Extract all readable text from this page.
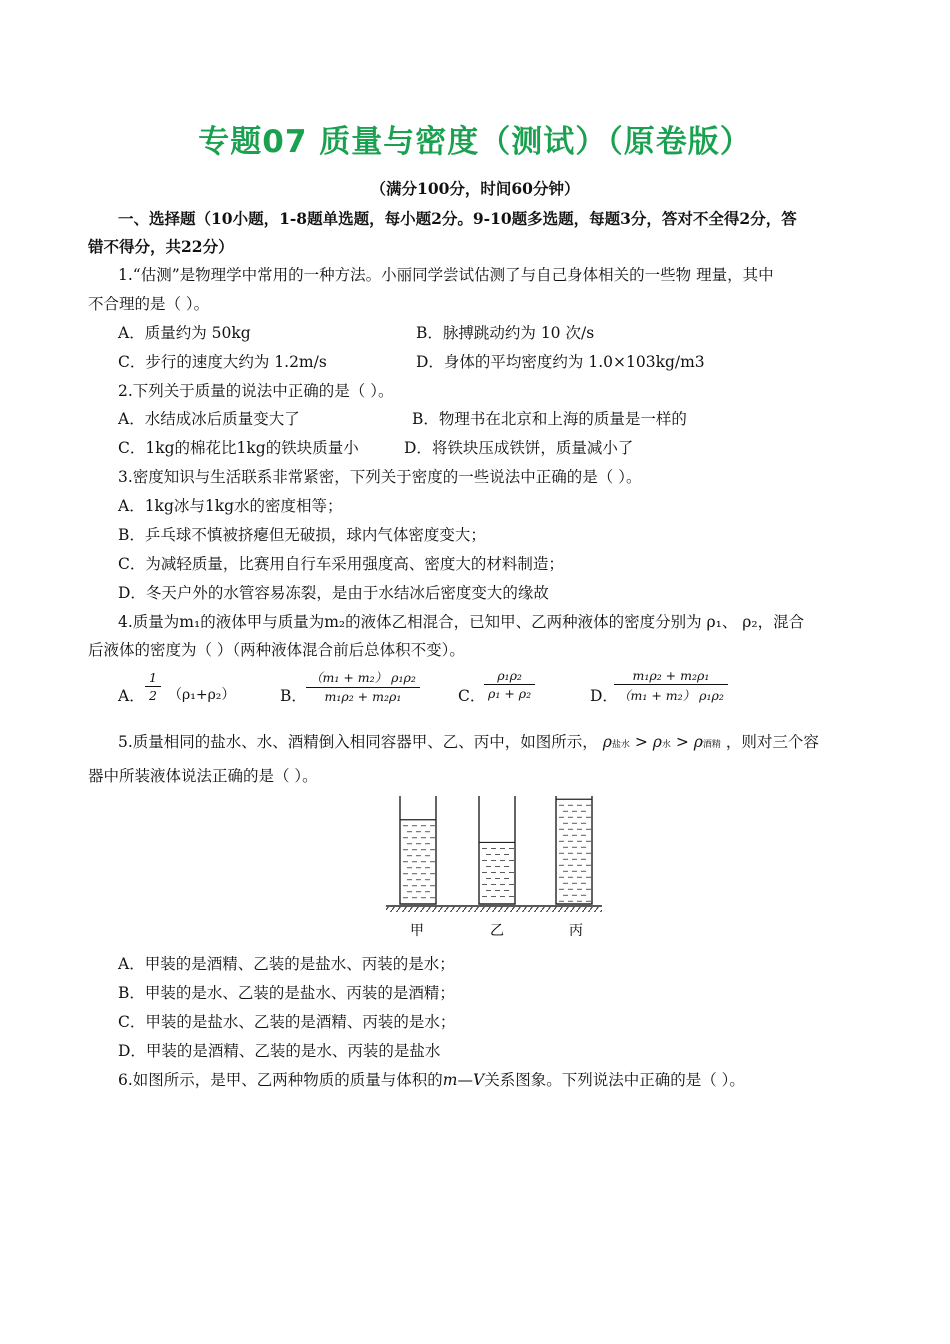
专题07 质量与密度（测试）（原卷版）
（满分100分，时间60分钟）
一、选择题（10小题，1-8题单选题，每小题2分。9-10题多选题，每题3分，答对不全得2分，答
错不得分，共22分）
1.“估测”是物理学中常用的一种方法。小丽同学尝试估测了与自己身体相关的一些物 理量，其中
不合理的是（ ）。
A．质量约为 50kg	B．脉搏跳动约为 10 次/s
C．步行的速度大约为 1.2m/s	D．身体的平均密度约为 1.0×103kg/m3
2.下列关于质量的说法中正确的是（ ）。
A．水结成冰后质量变大了	B．物理书在北京和上海的质量是一样的
C．1kg的棉花比1kg的铁块质量小	D．将铁块压成铁饼，质量减小了
3.密度知识与生活联系非常紧密，下列关于密度的一些说法中正确的是（ ）。
A．1kg冰与1kg水的密度相等；
B．乒乓球不慎被挤瘪但无破损，球内气体密度变大；
C．为减轻质量，比赛用自行车采用强度高、密度大的材料制造；
D．冬天户外的水管容易冻裂，是由于水结冰后密度变大的缘故
4.质量为m₁的液体甲与质量为m₂的液体乙相混合，已知甲、乙两种液体的密度分别为 ρ₁、 ρ₂，混合
后液体的密度为（ ）（两种液体混合前后总体积不变）。
A． $\frac{1}{2} (\rho_1+\rho_2)$	B． $\frac{\text{（m₁ + m₂） ρ₁ρ₂}}{\text{m₁ρ₂ + m₂ρ₁}}$ C．
$\frac{\text{ρ₁ρ₂}}{\text{ρ₁ + ρ₂}}$	D．
$\frac{\text{m₁ρ₂ + m₂ρ₁}}{\text{（m₁ + m₂） ρ₁ρ₂}}$
5.质量相同的盐水、水、酒精倒入相同容器甲、乙、丙中，如图所示， ρ盐水 > ρ水 > ρ酒精 ，则对三个容
器中所装液体说法正确的是（ ）。
甲	乙	丙
A．甲装的是酒精、乙装的是盐水、丙装的是水；
B．甲装的是水、乙装的是盐水、丙装的是酒精；
C．甲装的是盐水、乙装的是酒精、丙装的是水；
D．甲装的是酒精、乙装的是水、丙装的是盐水
6.如图所示，是甲、乙两种物质的质量与体积的m—V关系图象。下列说法中正确的是（ ）。
